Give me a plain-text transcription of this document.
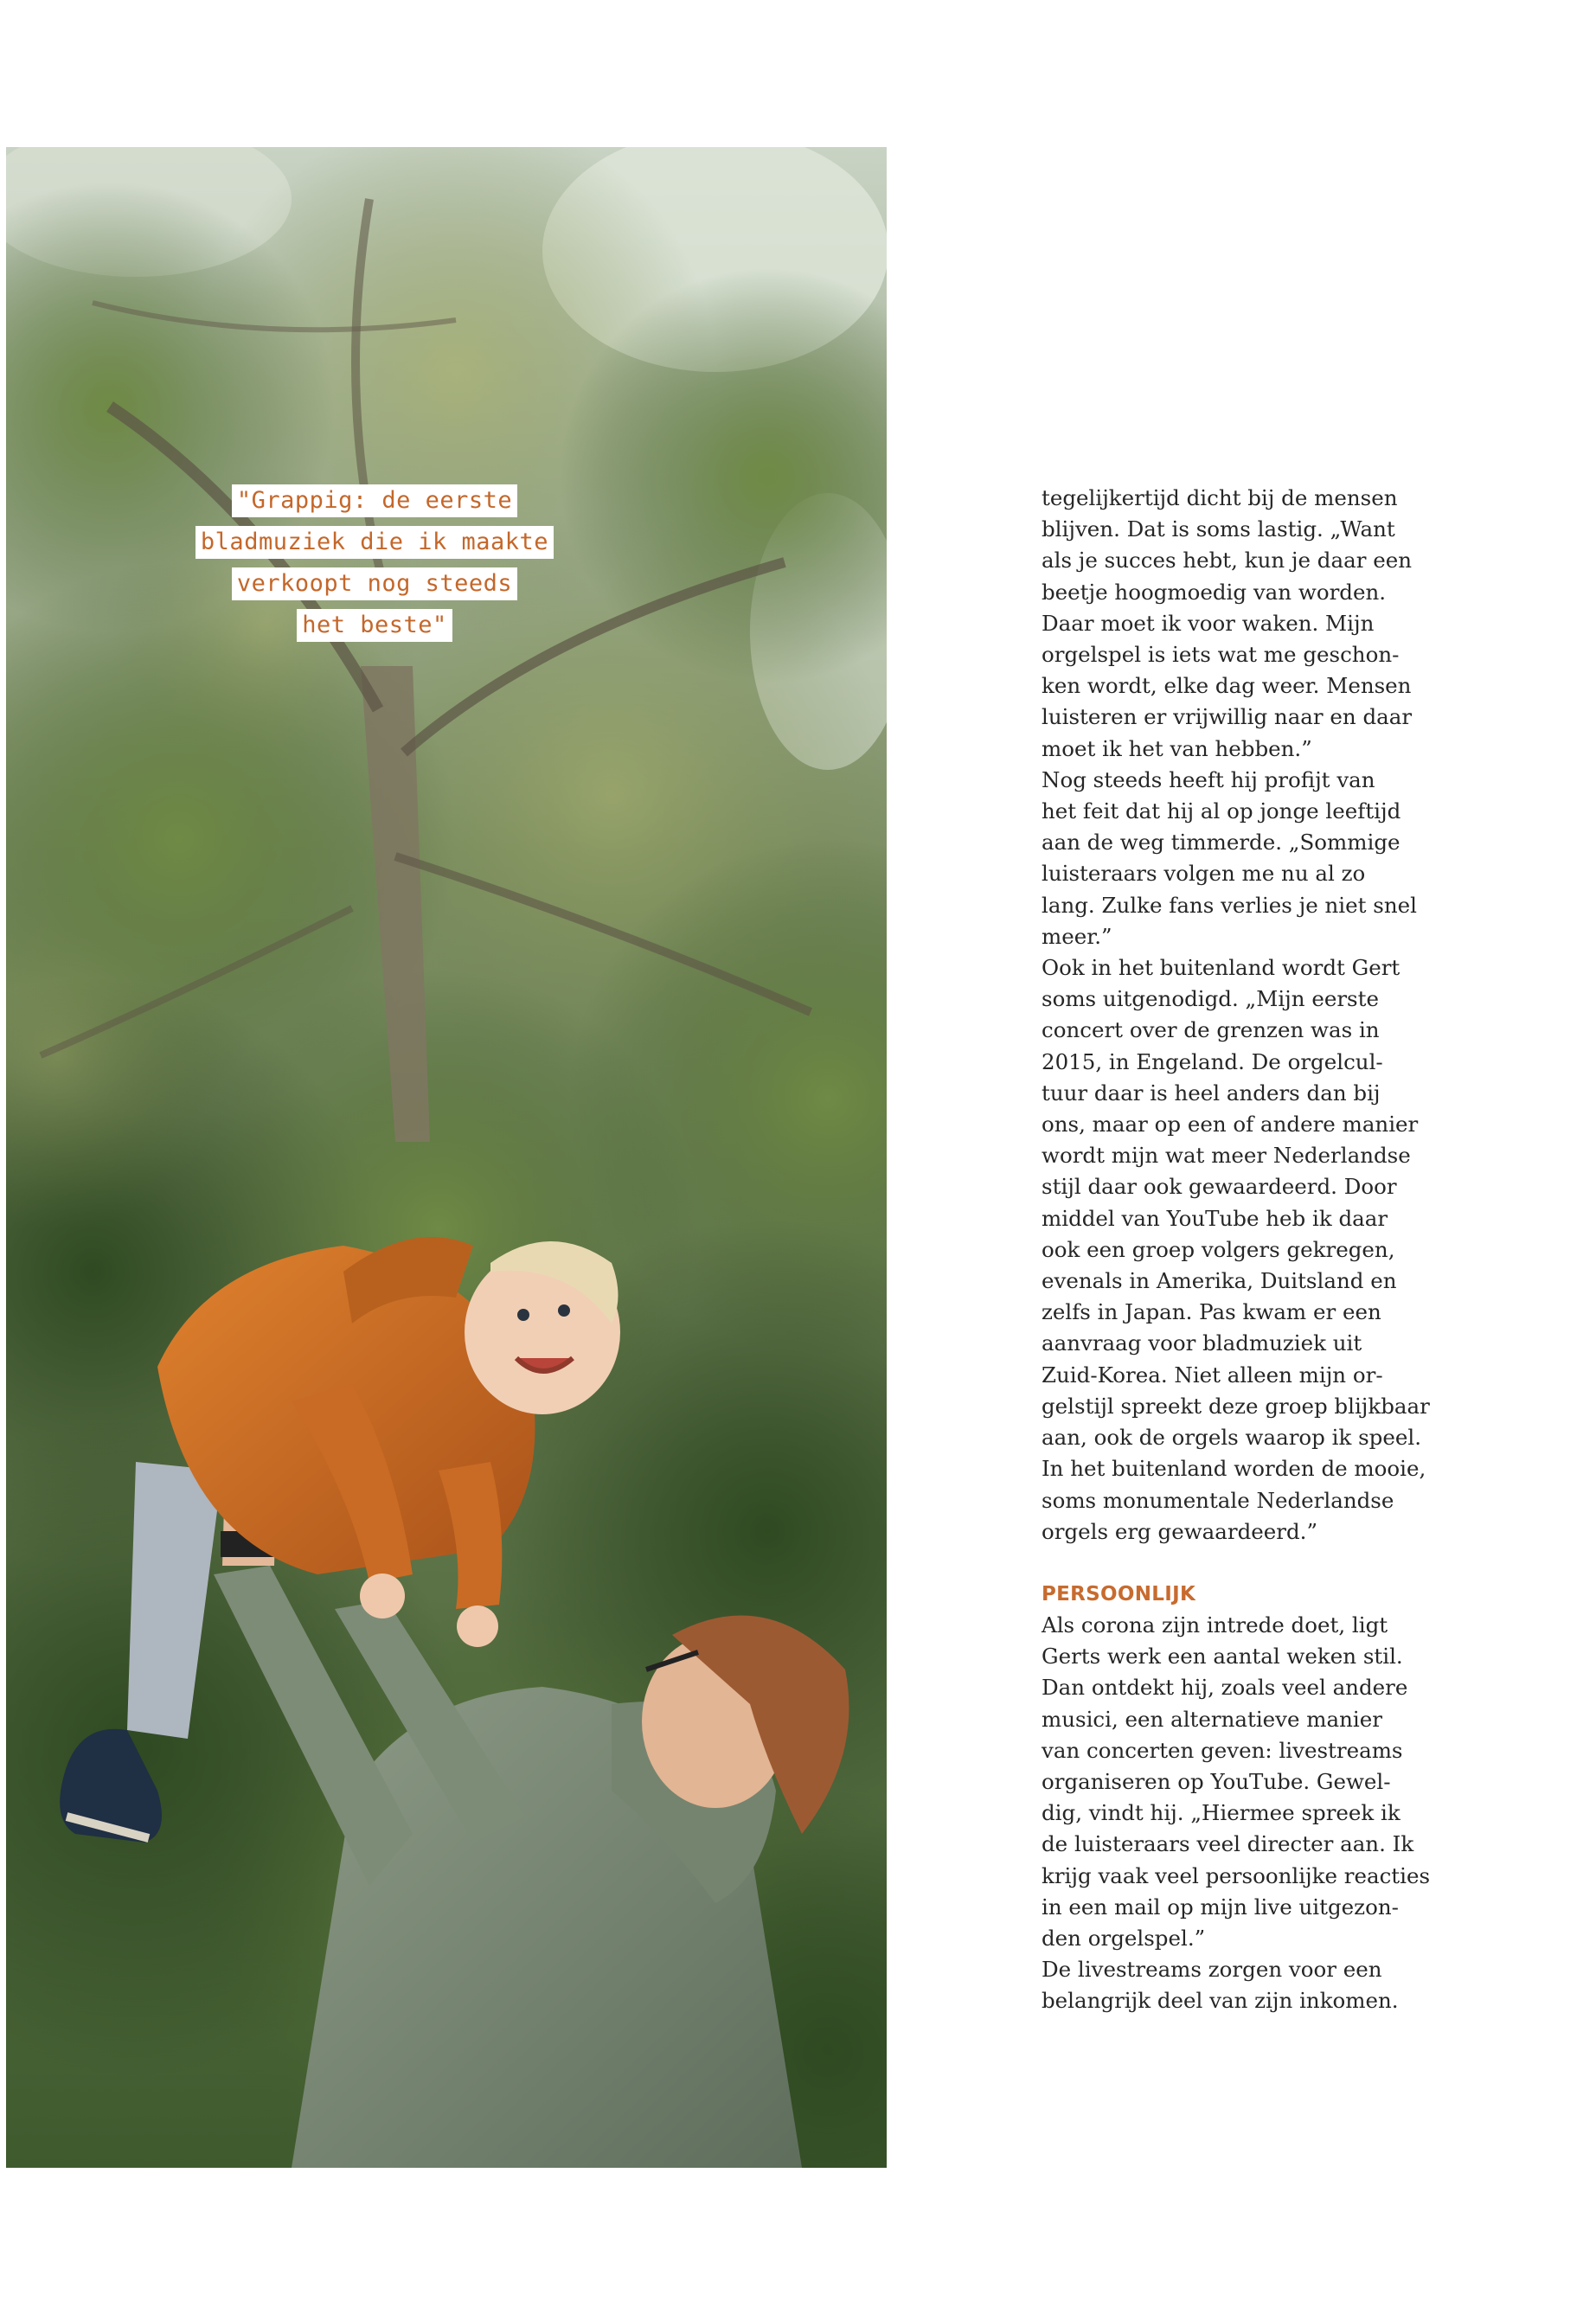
"Grappig: de eerste
bladmuziek die ik maakte
verkoopt nog steeds
het beste"

tegelijkertijd dicht bij de mensen
blijven. Dat is soms lastig. „Want
als je succes hebt, kun je daar een
beetje hoogmoedig van worden.
Daar moet ik voor waken. Mijn
orgelspel is iets wat me geschon-
ken wordt, elke dag weer. Mensen
luisteren er vrijwillig naar en daar
moet ik het van hebben.”

Nog steeds heeft hij profijt van
het feit dat hij al op jonge leeftijd
aan de weg timmerde. „Sommige
luisteraars volgen me nu al zo
lang. Zulke fans verlies je niet snel
meer.”

Ook in het buitenland wordt Gert
soms uitgenodigd. „Mijn eerste
concert over de grenzen was in
2015, in Engeland. De orgelcul-
tuur daar is heel anders dan bij
ons, maar op een of andere manier
wordt mijn wat meer Nederlandse
stijl daar ook gewaardeerd. Door
middel van YouTube heb ik daar
ook een groep volgers gekregen,
evenals in Amerika, Duitsland en
zelfs in Japan. Pas kwam er een
aanvraag voor bladmuziek uit
Zuid-Korea. Niet alleen mijn or-
gelstijl spreekt deze groep blijkbaar
aan, ook de orgels waarop ik speel.
In het buitenland worden de mooie,
soms monumentale Nederlandse
orgels erg gewaardeerd.”

PERSOONLIJK

Als corona zijn intrede doet, ligt
Gerts werk een aantal weken stil.
Dan ontdekt hij, zoals veel andere
musici, een alternatieve manier
van concerten geven: livestreams
organiseren op YouTube. Gewel-
dig, vindt hij. „Hiermee spreek ik
de luisteraars veel directer aan. Ik
krijg vaak veel persoonlijke reacties
in een mail op mijn live uitgezon-
den orgelspel.”

De livestreams zorgen voor een
belangrijk deel van zijn inkomen.
